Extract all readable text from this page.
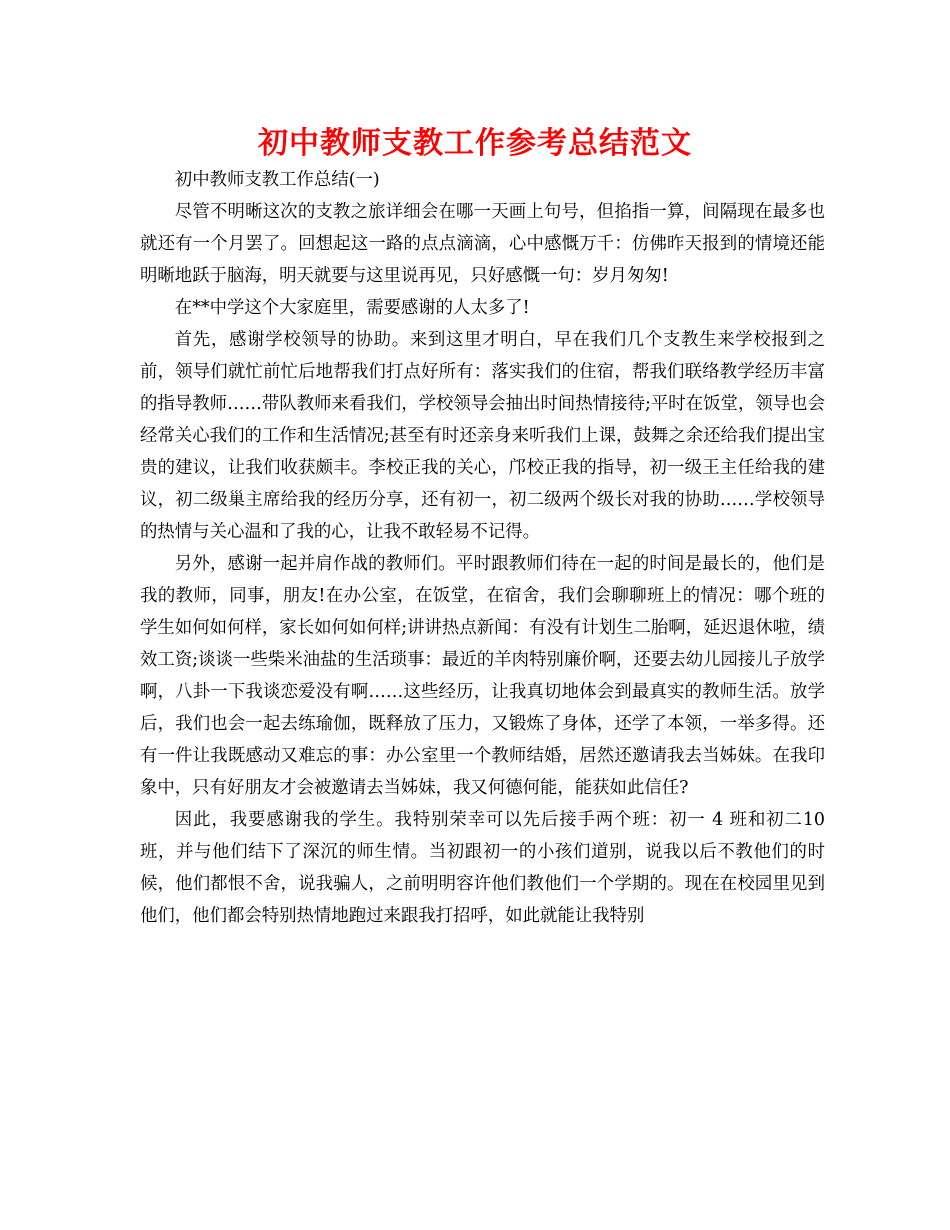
初中教师支教工作参考总结范文

初中教师支教工作总结(一)

尽管不明晰这次的支教之旅详细会在哪一天画上句号，但掐指一算，间隔现在最多也就还有一个月罢了。回想起这一路的点点滴滴，心中感慨万千：仿佛昨天报到的情境还能明晰地跃于脑海，明天就要与这里说再见，只好感慨一句：岁月匆匆!

在**中学这个大家庭里，需要感谢的人太多了!

首先，感谢学校领导的协助。来到这里才明白，早在我们几个支教生来学校报到之前，领导们就忙前忙后地帮我们打点好所有：落实我们的住宿，帮我们联络教学经历丰富的指导教师……带队教师来看我们，学校领导会抽出时间热情接待;平时在饭堂，领导也会经常关心我们的工作和生活情况;甚至有时还亲身来听我们上课，鼓舞之余还给我们提出宝贵的建议，让我们收获颇丰。李校正我的关心，邝校正我的指导，初一级王主任给我的建议，初二级巢主席给我的经历分享，还有初一，初二级两个级长对我的协助……学校领导的热情与关心温和了我的心，让我不敢轻易不记得。

另外，感谢一起并肩作战的教师们。平时跟教师们待在一起的时间是最长的，他们是我的教师，同事，朋友!在办公室，在饭堂，在宿舍，我们会聊聊班上的情况：哪个班的学生如何如何样，家长如何如何样;讲讲热点新闻：有没有计划生二胎啊，延迟退休啦，绩效工资;谈谈一些柴米油盐的生活琐事：最近的羊肉特别廉价啊，还要去幼儿园接儿子放学啊，八卦一下我谈恋爱没有啊……这些经历，让我真切地体会到最真实的教师生活。放学后，我们也会一起去练瑜伽，既释放了压力，又锻炼了身体，还学了本领，一举多得。还有一件让我既感动又难忘的事：办公室里一个教师结婚，居然还邀请我去当姊妹。在我印象中，只有好朋友才会被邀请去当姊妹，我又何德何能，能获如此信任?

因此，我要感谢我的学生。我特别荣幸可以先后接手两个班：初一 4 班和初二10 班，并与他们结下了深沉的师生情。当初跟初一的小孩们道别，说我以后不教他们的时候，他们都恨不舍，说我骗人，之前明明容许他们教他们一个学期的。现在在校园里见到他们，他们都会特别热情地跑过来跟我打招呼，如此就能让我特别
